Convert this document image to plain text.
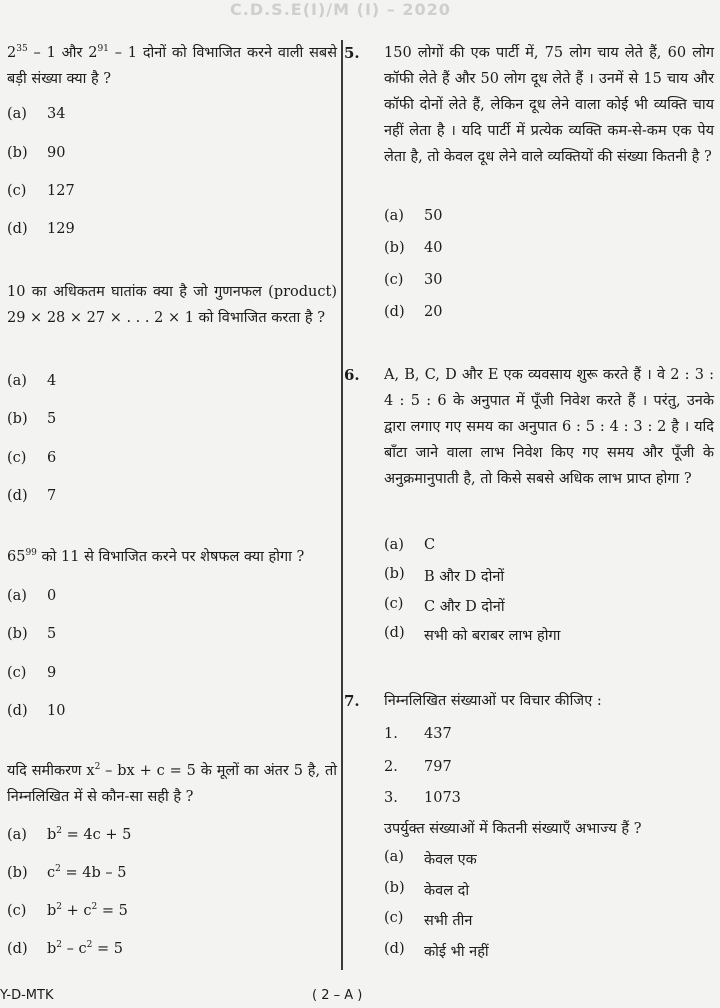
C.D.S.E(I)/M (I) – 2020

$2^{35} - 1$ और $2^{91} - 1$ दोनों को विभाजित करने वाली सबसे बड़ी संख्या क्या है ?

10 का अधिकतम घातांक क्या है जो गुणनफल (product) 29 × 28 × 27 × . . . 2 × 1 को विभाजित करता है ?

$65^{99}$ को 11 से विभाजित करने पर शेषफल क्या होगा ?

यदि समीकरण $x^2$ – bx + c = 5 के मूलों का अंतर 5 है, तो निम्नलिखित में से कौन-सा सही है ?

5. 150 लोगों की एक पार्टी में, 75 लोग चाय लेते हैं, 60 लोग कॉफी लेते हैं और 50 लोग दूध लेते हैं । उनमें से 15 चाय और कॉफी दोनों लेते हैं, लेकिन दूध लेने वाला कोई भी व्यक्ति चाय नहीं लेता है । यदि पार्टी में प्रत्येक व्यक्ति कम-से-कम एक पेय लेता है, तो केवल दूध लेने वाले व्यक्तियों की संख्या कितनी है ?

6. A, B, C, D और E एक व्यवसाय शुरू करते हैं । वे 2 : 3 : 4 : 5 : 6 के अनुपात में पूँजी निवेश करते हैं । परंतु, उनके द्वारा लगाए गए समय का अनुपात 6 : 5 : 4 : 3 : 2 है । यदि बाँटा जाने वाला लाभ निवेश किए गए समय और पूँजी के अनुक्रमानुपाती है, तो किसे सबसे अधिक लाभ प्राप्त होगा ?

7. निम्नलिखित संख्याओं पर विचार कीजिए :

उपर्युक्त संख्याओं में कितनी संख्याएँ अभाज्य हैं ?

Y-D-MTK	( 2 – A )
(a)	34
(b)	90
(c)	127
(d)	129
(a)	4
(b)	5
(c)	6
(d)	7
(a)	0
(b)	5
(c)	9
(d)	10
(a)	$b^2 = 4c + 5$
(b)	$c^2 = 4b - 5$
(c)	$b^2 + c^2 = 5$
(d)	$b^2 - c^2 = 5$
(a)	50
(b)	40
(c)	30
(d)	20
(a)	C
(b)	B और D दोनों
(c)	C और D दोनों
(d)	सभी को बराबर लाभ होगा
1.	437
2.	797
3.	1073
(a)	केवल एक
(b)	केवल दो
(c)	सभी तीन
(d)	कोई भी नहीं
